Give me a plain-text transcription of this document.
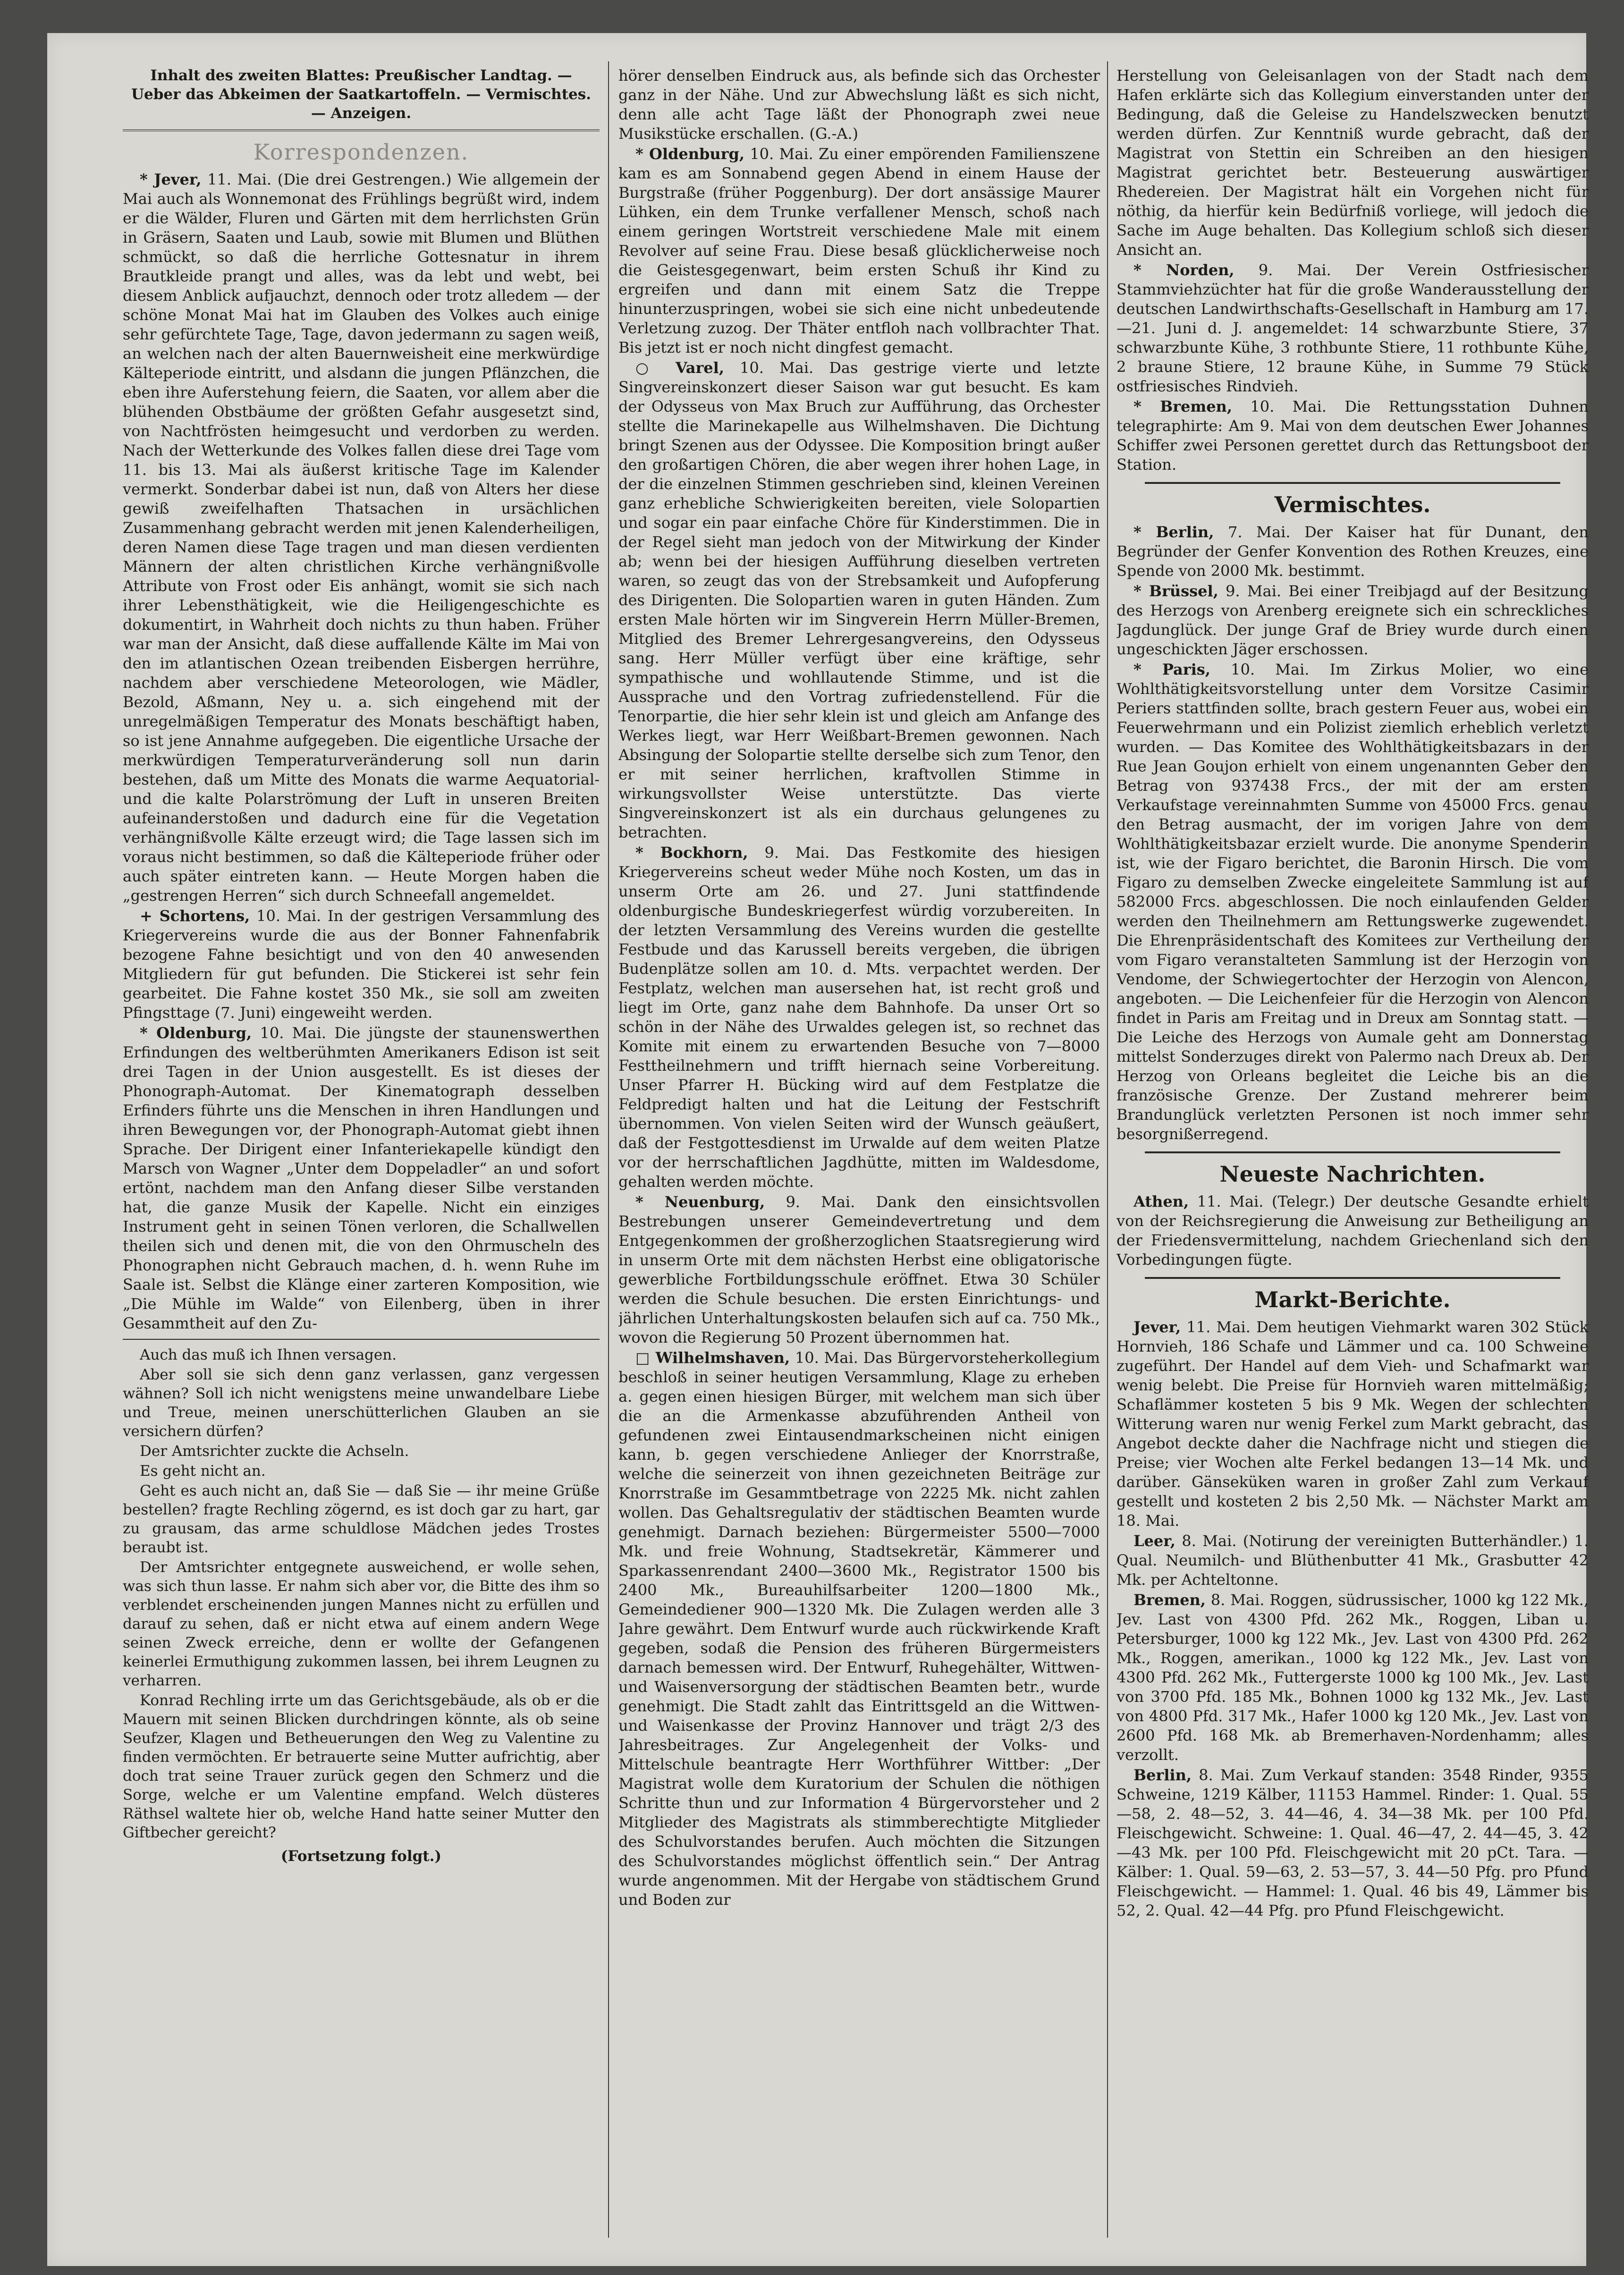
Inhalt des zweiten Blattes: Preußischer Landtag. — Ueber das Abkeimen der Saatkartoffeln. — Vermischtes. — Anzeigen.
Korrespondenzen.

* Jever, 11. Mai. (Die drei Gestrengen.) Wie allgemein der Mai auch als Wonnemonat des Frühlings begrüßt wird, indem er die Wälder, Fluren und Gärten mit dem herrlichsten Grün in Gräsern, Saaten und Laub, sowie mit Blumen und Blüthen schmückt, so daß die herrliche Gottesnatur in ihrem Brautkleide prangt und alles, was da lebt und webt, bei diesem Anblick aufjauchzt, dennoch oder trotz alledem — der schöne Monat Mai hat im Glauben des Volkes auch einige sehr gefürchtete Tage, Tage, davon jedermann zu sagen weiß, an welchen nach der alten Bauernweisheit eine merkwürdige Kälteperiode eintritt, und alsdann die jungen Pflänzchen, die eben ihre Auferstehung feiern, die Saaten, vor allem aber die blühenden Obstbäume der größten Gefahr ausgesetzt sind, von Nachtfrösten heimgesucht und verdorben zu werden. Nach der Wetterkunde des Volkes fallen diese drei Tage vom 11. bis 13. Mai als äußerst kritische Tage im Kalender vermerkt. Sonderbar dabei ist nun, daß von Alters her diese gewiß zweifelhaften Thatsachen in ursächlichen Zusammenhang gebracht werden mit jenen Kalenderheiligen, deren Namen diese Tage tragen und man diesen verdienten Männern der alten christlichen Kirche verhängnißvolle Attribute von Frost oder Eis anhängt, womit sie sich nach ihrer Lebensthätigkeit, wie die Heiligengeschichte es dokumentirt, in Wahrheit doch nichts zu thun haben. Früher war man der Ansicht, daß diese auffallende Kälte im Mai von den im atlantischen Ozean treibenden Eisbergen herrühre, nachdem aber verschiedene Meteorologen, wie Mädler, Bezold, Aßmann, Ney u. a. sich eingehend mit der unregelmäßigen Temperatur des Monats beschäftigt haben, so ist jene Annahme aufgegeben. Die eigentliche Ursache der merkwürdigen Temperaturveränderung soll nun darin bestehen, daß um Mitte des Monats die warme Aequatorial- und die kalte Polarströmung der Luft in unseren Breiten aufeinanderstoßen und dadurch eine für die Vegetation verhängnißvolle Kälte erzeugt wird; die Tage lassen sich im voraus nicht bestimmen, so daß die Kälteperiode früher oder auch später eintreten kann. — Heute Morgen haben die „gestrengen Herren“ sich durch Schneefall angemeldet.

+ Schortens, 10. Mai. In der gestrigen Versammlung des Kriegervereins wurde die aus der Bonner Fahnenfabrik bezogene Fahne besichtigt und von den 40 anwesenden Mitgliedern für gut befunden. Die Stickerei ist sehr fein gearbeitet. Die Fahne kostet 350 Mk., sie soll am zweiten Pfingsttage (7. Juni) eingeweiht werden.

* Oldenburg, 10. Mai. Die jüngste der staunenswerthen Erfindungen des weltberühmten Amerikaners Edison ist seit drei Tagen in der Union ausgestellt. Es ist dieses der Phonograph-Automat. Der Kinematograph desselben Erfinders führte uns die Menschen in ihren Handlungen und ihren Bewegungen vor, der Phonograph-Automat giebt ihnen Sprache. Der Dirigent einer Infanteriekapelle kündigt den Marsch von Wagner „Unter dem Doppeladler“ an und sofort ertönt, nachdem man den Anfang dieser Silbe verstanden hat, die ganze Musik der Kapelle. Nicht ein einziges Instrument geht in seinen Tönen verloren, die Schallwellen theilen sich und denen mit, die von den Ohrmuscheln des Phonographen nicht Gebrauch machen, d. h. wenn Ruhe im Saale ist. Selbst die Klänge einer zarteren Komposition, wie „Die Mühle im Walde“ von Eilenberg, üben in ihrer Gesammtheit auf den Zu-

Auch das muß ich Ihnen versagen.

Aber soll sie sich denn ganz verlassen, ganz vergessen wähnen? Soll ich nicht wenigstens meine unwandelbare Liebe und Treue, meinen unerschütterlichen Glauben an sie versichern dürfen?

Der Amtsrichter zuckte die Achseln.

Es geht nicht an.

Geht es auch nicht an, daß Sie — daß Sie — ihr meine Grüße bestellen? fragte Rechling zögernd, es ist doch gar zu hart, gar zu grausam, das arme schuldlose Mädchen jedes Trostes beraubt ist.

Der Amtsrichter entgegnete ausweichend, er wolle sehen, was sich thun lasse. Er nahm sich aber vor, die Bitte des ihm so verblendet erscheinenden jungen Mannes nicht zu erfüllen und darauf zu sehen, daß er nicht etwa auf einem andern Wege seinen Zweck erreiche, denn er wollte der Gefangenen keinerlei Ermuthigung zukommen lassen, bei ihrem Leugnen zu verharren.

Konrad Rechling irrte um das Gerichtsgebäude, als ob er die Mauern mit seinen Blicken durchdringen könnte, als ob seine Seufzer, Klagen und Betheuerungen den Weg zu Valentine zu finden vermöchten. Er betrauerte seine Mutter aufrichtig, aber doch trat seine Trauer zurück gegen den Schmerz und die Sorge, welche er um Valentine empfand. Welch düsteres Räthsel waltete hier ob, welche Hand hatte seiner Mutter den Giftbecher gereicht?

(Fortsetzung folgt.)

hörer denselben Eindruck aus, als befinde sich das Orchester ganz in der Nähe. Und zur Abwechslung läßt es sich nicht, denn alle acht Tage läßt der Phonograph zwei neue Musikstücke erschallen. (G.-A.)

* Oldenburg, 10. Mai. Zu einer empörenden Familienszene kam es am Sonnabend gegen Abend in einem Hause der Burgstraße (früher Poggenburg). Der dort ansässige Maurer Lühken, ein dem Trunke verfallener Mensch, schoß nach einem geringen Wortstreit verschiedene Male mit einem Revolver auf seine Frau. Diese besaß glücklicherweise noch die Geistesgegenwart, beim ersten Schuß ihr Kind zu ergreifen und dann mit einem Satz die Treppe hinunterzuspringen, wobei sie sich eine nicht unbedeutende Verletzung zuzog. Der Thäter entfloh nach vollbrachter That. Bis jetzt ist er noch nicht dingfest gemacht.

○ Varel, 10. Mai. Das gestrige vierte und letzte Singvereinskonzert dieser Saison war gut besucht. Es kam der Odysseus von Max Bruch zur Aufführung, das Orchester stellte die Marinekapelle aus Wilhelmshaven. Die Dichtung bringt Szenen aus der Odyssee. Die Komposition bringt außer den großartigen Chören, die aber wegen ihrer hohen Lage, in der die einzelnen Stimmen geschrieben sind, kleinen Vereinen ganz erhebliche Schwierigkeiten bereiten, viele Solopartien und sogar ein paar einfache Chöre für Kinderstimmen. Die in der Regel sieht man jedoch von der Mitwirkung der Kinder ab; wenn bei der hiesigen Aufführung dieselben vertreten waren, so zeugt das von der Strebsamkeit und Aufopferung des Dirigenten. Die Solopartien waren in guten Händen. Zum ersten Male hörten wir im Singverein Herrn Müller-Bremen, Mitglied des Bremer Lehrergesangvereins, den Odysseus sang. Herr Müller verfügt über eine kräftige, sehr sympathische und wohllautende Stimme, und ist die Aussprache und den Vortrag zufriedenstellend. Für die Tenorpartie, die hier sehr klein ist und gleich am Anfange des Werkes liegt, war Herr Weißbart-Bremen gewonnen. Nach Absingung der Solopartie stellte derselbe sich zum Tenor, den er mit seiner herrlichen, kraftvollen Stimme in wirkungsvollster Weise unterstützte. Das vierte Singvereinskonzert ist als ein durchaus gelungenes zu betrachten.

* Bockhorn, 9. Mai. Das Festkomite des hiesigen Kriegervereins scheut weder Mühe noch Kosten, um das in unserm Orte am 26. und 27. Juni stattfindende oldenburgische Bundeskriegerfest würdig vorzubereiten. In der letzten Versammlung des Vereins wurden die gestellte Festbude und das Karussell bereits vergeben, die übrigen Budenplätze sollen am 10. d. Mts. verpachtet werden. Der Festplatz, welchen man ausersehen hat, ist recht groß und liegt im Orte, ganz nahe dem Bahnhofe. Da unser Ort so schön in der Nähe des Urwaldes gelegen ist, so rechnet das Komite mit einem zu erwartenden Besuche von 7—8000 Festtheilnehmern und trifft hiernach seine Vorbereitung. Unser Pfarrer H. Bücking wird auf dem Festplatze die Feldpredigt halten und hat die Leitung der Festschrift übernommen. Von vielen Seiten wird der Wunsch geäußert, daß der Festgottesdienst im Urwalde auf dem weiten Platze vor der herrschaftlichen Jagdhütte, mitten im Waldesdome, gehalten werden möchte.

* Neuenburg, 9. Mai. Dank den einsichtsvollen Bestrebungen unserer Gemeindevertretung und dem Entgegenkommen der großherzoglichen Staatsregierung wird in unserm Orte mit dem nächsten Herbst eine obligatorische gewerbliche Fortbildungsschule eröffnet. Etwa 30 Schüler werden die Schule besuchen. Die ersten Einrichtungs- und jährlichen Unterhaltungskosten belaufen sich auf ca. 750 Mk., wovon die Regierung 50 Prozent übernommen hat.

□ Wilhelmshaven, 10. Mai. Das Bürgervorsteherkollegium beschloß in seiner heutigen Versammlung, Klage zu erheben a. gegen einen hiesigen Bürger, mit welchem man sich über die an die Armenkasse abzuführenden Antheil von gefundenen zwei Eintausendmarkscheinen nicht einigen kann, b. gegen verschiedene Anlieger der Knorrstraße, welche die seinerzeit von ihnen gezeichneten Beiträge zur Knorrstraße im Gesammtbetrage von 2225 Mk. nicht zahlen wollen. Das Gehaltsregulativ der städtischen Beamten wurde genehmigt. Darnach beziehen: Bürgermeister 5500—7000 Mk. und freie Wohnung, Stadtsekretär, Kämmerer und Sparkassenrendant 2400—3600 Mk., Registrator 1500 bis 2400 Mk., Bureauhilfsarbeiter 1200—1800 Mk., Gemeindediener 900—1320 Mk. Die Zulagen werden alle 3 Jahre gewährt. Dem Entwurf wurde auch rückwirkende Kraft gegeben, sodaß die Pension des früheren Bürgermeisters darnach bemessen wird. Der Entwurf, Ruhegehälter, Wittwen- und Waisenversorgung der städtischen Beamten betr., wurde genehmigt. Die Stadt zahlt das Eintrittsgeld an die Wittwen- und Waisenkasse der Provinz Hannover und trägt 2/3 des Jahresbeitrages. Zur Angelegenheit der Volks- und Mittelschule beantragte Herr Worthführer Wittber: „Der Magistrat wolle dem Kuratorium der Schulen die nöthigen Schritte thun und zur Information 4 Bürgervorsteher und 2 Mitglieder des Magistrats als stimmberechtigte Mitglieder des Schulvorstandes berufen. Auch möchten die Sitzungen des Schulvorstandes möglichst öffentlich sein.“ Der Antrag wurde angenommen. Mit der Hergabe von städtischem Grund und Boden zur

Herstellung von Geleisanlagen von der Stadt nach dem Hafen erklärte sich das Kollegium einverstanden unter der Bedingung, daß die Geleise zu Handelszwecken benutzt werden dürfen. Zur Kenntniß wurde gebracht, daß der Magistrat von Stettin ein Schreiben an den hiesigen Magistrat gerichtet betr. Besteuerung auswärtiger Rhedereien. Der Magistrat hält ein Vorgehen nicht für nöthig, da hierfür kein Bedürfniß vorliege, will jedoch die Sache im Auge behalten. Das Kollegium schloß sich dieser Ansicht an.

* Norden, 9. Mai. Der Verein Ostfriesischer Stammviehzüchter hat für die große Wanderausstellung der deutschen Landwirthschafts-Gesellschaft in Hamburg am 17.—21. Juni d. J. angemeldet: 14 schwarzbunte Stiere, 37 schwarzbunte Kühe, 3 rothbunte Stiere, 11 rothbunte Kühe, 2 braune Stiere, 12 braune Kühe, in Summe 79 Stück ostfriesisches Rindvieh.

* Bremen, 10. Mai. Die Rettungsstation Duhnen telegraphirte: Am 9. Mai von dem deutschen Ewer Johannes Schiffer zwei Personen gerettet durch das Rettungsboot der Station.

Vermischtes.

* Berlin, 7. Mai. Der Kaiser hat für Dunant, den Begründer der Genfer Konvention des Rothen Kreuzes, eine Spende von 2000 Mk. bestimmt.

* Brüssel, 9. Mai. Bei einer Treibjagd auf der Besitzung des Herzogs von Arenberg ereignete sich ein schreckliches Jagdunglück. Der junge Graf de Briey wurde durch einen ungeschickten Jäger erschossen.

* Paris, 10. Mai. Im Zirkus Molier, wo eine Wohlthätigkeitsvorstellung unter dem Vorsitze Casimir Periers stattfinden sollte, brach gestern Feuer aus, wobei ein Feuerwehrmann und ein Polizist ziemlich erheblich verletzt wurden. — Das Komitee des Wohlthätigkeitsbazars in der Rue Jean Goujon erhielt von einem ungenannten Geber den Betrag von 937438 Frcs., der mit der am ersten Verkaufstage vereinnahmten Summe von 45000 Frcs. genau den Betrag ausmacht, der im vorigen Jahre von dem Wohlthätigkeitsbazar erzielt wurde. Die anonyme Spenderin ist, wie der Figaro berichtet, die Baronin Hirsch. Die vom Figaro zu demselben Zwecke eingeleitete Sammlung ist auf 582000 Frcs. abgeschlossen. Die noch einlaufenden Gelder werden den Theilnehmern am Rettungswerke zugewendet. Die Ehrenpräsidentschaft des Komitees zur Vertheilung der vom Figaro veranstalteten Sammlung ist der Herzogin von Vendome, der Schwiegertochter der Herzogin von Alencon, angeboten. — Die Leichenfeier für die Herzogin von Alencon findet in Paris am Freitag und in Dreux am Sonntag statt. — Die Leiche des Herzogs von Aumale geht am Donnerstag mittelst Sonderzuges direkt von Palermo nach Dreux ab. Der Herzog von Orleans begleitet die Leiche bis an die französische Grenze. Der Zustand mehrerer beim Brandunglück verletzten Personen ist noch immer sehr besorgnißerregend.

Neueste Nachrichten.

Athen, 11. Mai. (Telegr.) Der deutsche Gesandte erhielt von der Reichsregierung die Anweisung zur Betheiligung an der Friedensvermittelung, nachdem Griechenland sich den Vorbedingungen fügte.

Markt-Berichte.

Jever, 11. Mai. Dem heutigen Viehmarkt waren 302 Stück Hornvieh, 186 Schafe und Lämmer und ca. 100 Schweine zugeführt. Der Handel auf dem Vieh- und Schafmarkt war wenig belebt. Die Preise für Hornvieh waren mittelmäßig; Schaflämmer kosteten 5 bis 9 Mk. Wegen der schlechten Witterung waren nur wenig Ferkel zum Markt gebracht, das Angebot deckte daher die Nachfrage nicht und stiegen die Preise; vier Wochen alte Ferkel bedangen 13—14 Mk. und darüber. Gänseküken waren in großer Zahl zum Verkauf gestellt und kosteten 2 bis 2,50 Mk. — Nächster Markt am 18. Mai.

Leer, 8. Mai. (Notirung der vereinigten Butterhändler.) 1. Qual. Neumilch- und Blüthenbutter 41 Mk., Grasbutter 42 Mk. per Achteltonne.

Bremen, 8. Mai. Roggen, südrussischer, 1000 kg 122 Mk., Jev. Last von 4300 Pfd. 262 Mk., Roggen, Liban u. Petersburger, 1000 kg 122 Mk., Jev. Last von 4300 Pfd. 262 Mk., Roggen, amerikan., 1000 kg 122 Mk., Jev. Last von 4300 Pfd. 262 Mk., Futtergerste 1000 kg 100 Mk., Jev. Last von 3700 Pfd. 185 Mk., Bohnen 1000 kg 132 Mk., Jev. Last von 4800 Pfd. 317 Mk., Hafer 1000 kg 120 Mk., Jev. Last von 2600 Pfd. 168 Mk. ab Bremerhaven-Nordenhamm; alles verzollt.

Berlin, 8. Mai. Zum Verkauf standen: 3548 Rinder, 9355 Schweine, 1219 Kälber, 11153 Hammel. Rinder: 1. Qual. 55—58, 2. 48—52, 3. 44—46, 4. 34—38 Mk. per 100 Pfd. Fleischgewicht. Schweine: 1. Qual. 46—47, 2. 44—45, 3. 42—43 Mk. per 100 Pfd. Fleischgewicht mit 20 pCt. Tara. — Kälber: 1. Qual. 59—63, 2. 53—57, 3. 44—50 Pfg. pro Pfund Fleischgewicht. — Hammel: 1. Qual. 46 bis 49, Lämmer bis 52, 2. Qual. 42—44 Pfg. pro Pfund Fleischgewicht.
